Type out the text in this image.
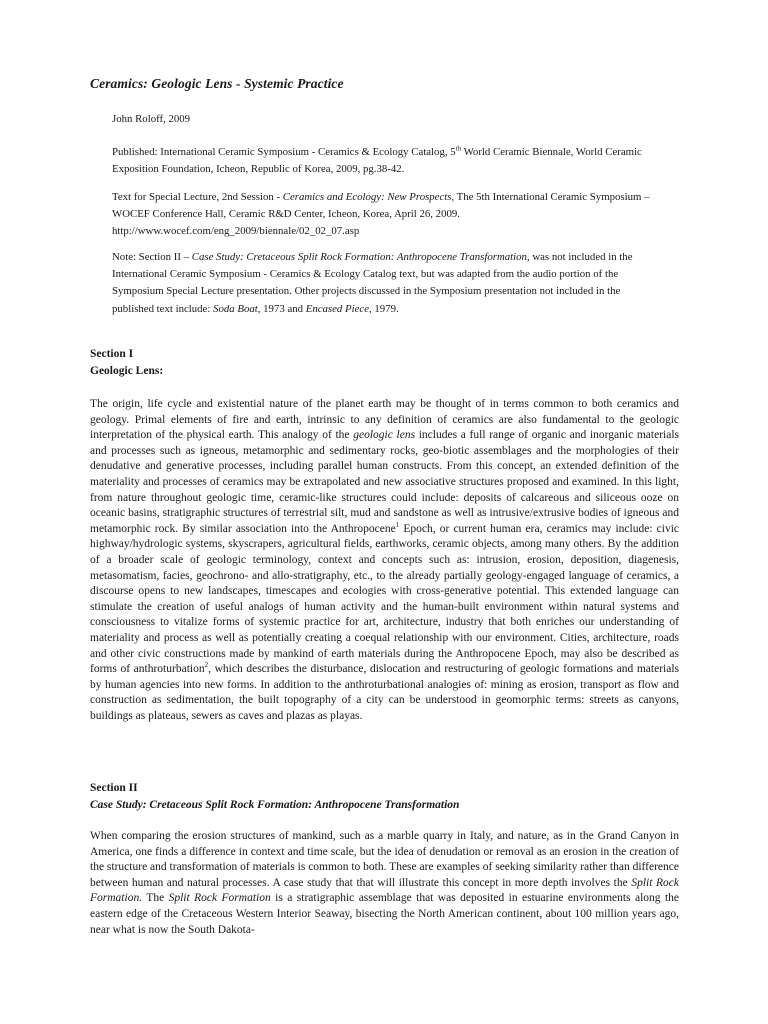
Ceramics: Geologic Lens - Systemic Practice

John Roloff, 2009

Published: International Ceramic Symposium - Ceramics & Ecology Catalog, 5th World Ceramic Biennale, World Ceramic Exposition Foundation, Icheon, Republic of Korea, 2009, pg.38-42.

Text for Special Lecture, 2nd Session - Ceramics and Ecology: New Prospects, The 5th International Ceramic Symposium – WOCEF Conference Hall, Ceramic R&D Center, Icheon, Korea, April 26, 2009.

http://www.wocef.com/eng_2009/biennale/02_02_07.asp

Note: Section II – Case Study: Cretaceous Split Rock Formation: Anthropocene Transformation, was not included in the International Ceramic Symposium - Ceramics & Ecology Catalog text, but was adapted from the audio portion of the Symposium Special Lecture presentation. Other projects discussed in the Symposium presentation not included in the published text include: Soda Boat, 1973 and Encased Piece, 1979.

Section I
Geologic Lens:

The origin, life cycle and existential nature of the planet earth may be thought of in terms common to both ceramics and geology. Primal elements of fire and earth, intrinsic to any definition of ceramics are also fundamental to the geologic interpretation of the physical earth. This analogy of the geologic lens includes a full range of organic and inorganic materials and processes such as igneous, metamorphic and sedimentary rocks, geo-biotic assemblages and the morphologies of their denudative and generative processes, including parallel human constructs. From this concept, an extended definition of the materiality and processes of ceramics may be extrapolated and new associative structures proposed and examined. In this light, from nature throughout geologic time, ceramic-like structures could include: deposits of calcareous and siliceous ooze on oceanic basins, stratigraphic structures of terrestrial silt, mud and sandstone as well as intrusive/extrusive bodies of igneous and metamorphic rock. By similar association into the Anthropocene$^1$ Epoch, or current human era, ceramics may include: civic highway/hydrologic systems, skyscrapers, agricultural fields, earthworks, ceramic objects, among many others. By the addition of a broader scale of geologic terminology, context and concepts such as: intrusion, erosion, deposition, diagenesis, metasomatism, facies, geochrono- and allo-stratigraphy, etc., to the already partially geology-engaged language of ceramics, a discourse opens to new landscapes, timescapes and ecologies with cross-generative potential. This extended language can stimulate the creation of useful analogs of human activity and the human-built environment within natural systems and consciousness to vitalize forms of systemic practice for art, architecture, industry that both enriches our understanding of materiality and process as well as potentially creating a coequal relationship with our environment. Cities, architecture, roads and other civic constructions made by mankind of earth materials during the Anthropocene Epoch, may also be described as forms of anthroturbation$^2$, which describes the disturbance, dislocation and restructuring of geologic formations and materials by human agencies into new forms. In addition to the anthroturbational analogies of: mining as erosion, transport as flow and construction as sedimentation, the built topography of a city can be understood in geomorphic terms: streets as canyons, buildings as plateaus, sewers as caves and plazas as playas.

Section II
Case Study: Cretaceous Split Rock Formation: Anthropocene Transformation

When comparing the erosion structures of mankind, such as a marble quarry in Italy, and nature, as in the Grand Canyon in America, one finds a difference in context and time scale, but the idea of denudation or removal as an erosion in the creation of the structure and transformation of materials is common to both. These are examples of seeking similarity rather than difference between human and natural processes. A case study that that will illustrate this concept in more depth involves the Split Rock Formation. The Split Rock Formation is a stratigraphic assemblage that was deposited in estuarine environments along the eastern edge of the Cretaceous Western Interior Seaway, bisecting the North American continent, about 100 million years ago, near what is now the South Dakota-
